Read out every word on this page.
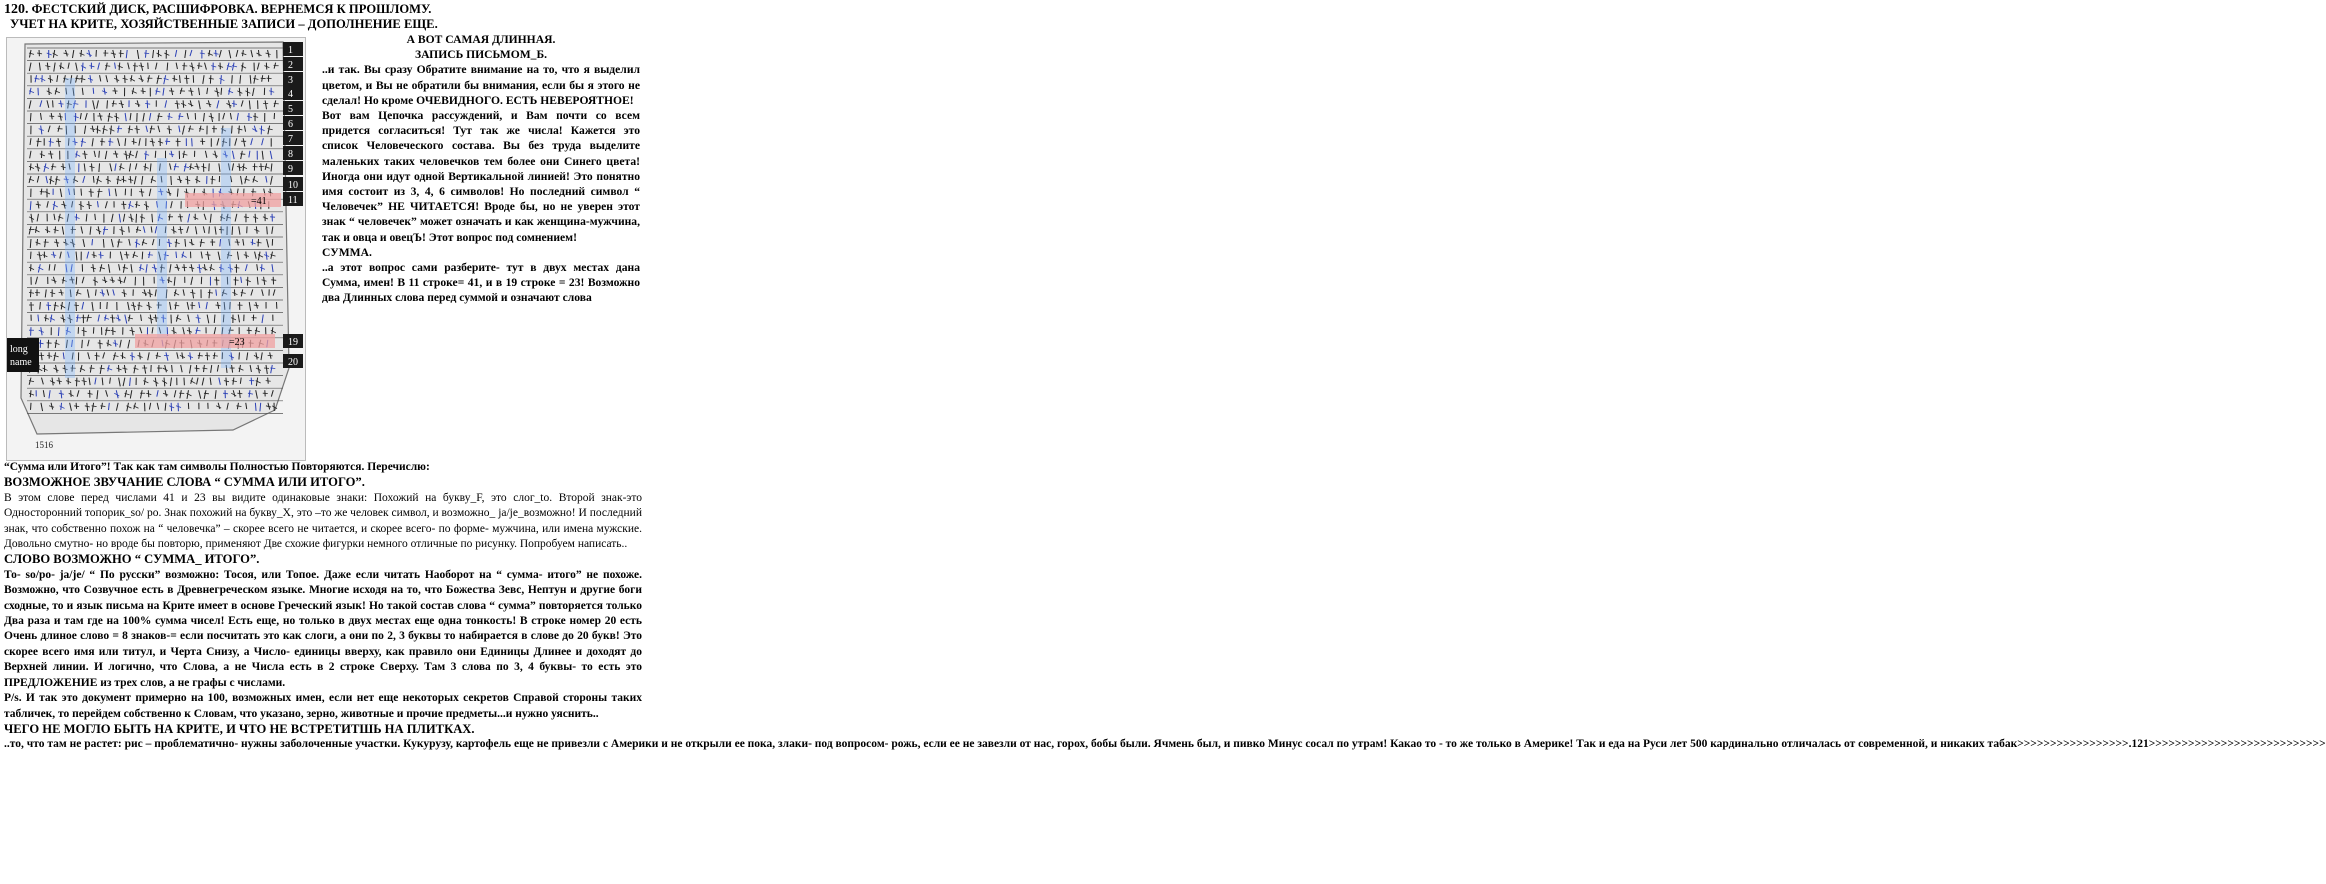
120. ФЕСТСКИЙ ДИСК, РАСШИФРОВКА. ВЕРНЕМСЯ К ПРОШЛОМУ.
УЧЕТ НА КРИТЕ, ХОЗЯЙСТВЕННЫЕ ЗАПИСИ – ДОПОЛНЕНИЕ ЕЩЕ.
=41
=23
1
2
3
4
5
6
7
8
9
10
11
19
20
long
name
1516

А ВОТ САМАЯ ДЛИННАЯ.

ЗАПИСЬ ПИСЬМОМ_Б.

..и так. Вы сразу Обратите внимание на то, что я выделил цветом, и Вы не обратили бы внимания, если бы я этого не сделал! Но кроме ОЧЕВИДНОГО. ЕСТЬ НЕВЕРОЯТНОЕ!

Вот вам Цепочка рассуждений, и Вам почти со всем придется согласиться! Тут так же числа! Кажется это список Человеческого состава. Вы без труда выделите маленьких таких человечков тем более они Синего цвета! Иногда они идут одной Вертикальной линией! Это понятно имя состоит из 3, 4, 6 символов! Но последний символ “ Человечек” НЕ ЧИТАЕТСЯ! Вроде бы, но не уверен этот знак “ человечек” может означать и как женщина-мужчина, так и овца и овецЪ! Этот вопрос под сомнением!

СУММА.

..а этот вопрос сами разберите- тут в двух местах дана Сумма, имен! В 11 строке= 41, и в 19 строке = 23! Возможно два Длинных слова перед суммой и означают слова

“Сумма или Итого”! Так как там символы Полностью Повторяются. Перечислю:

ВОЗМОЖНОЕ ЗВУЧАНИЕ СЛОВА “ СУММА ИЛИ ИТОГО”.

В этом слове перед числами 41 и 23 вы видите одинаковые знаки: Похожий на букву_F, это слог_to. Второй знак-это Односторонний топорик_so/ po. Знак похожий на букву_X, это –то же человек символ, и возможно_ ja/je_возможно! И последний знак, что собственно похож на “ человечка” – скорее всего не читается, и скорее всего- по форме- мужчина, или имена мужские. Довольно смутно- но вроде бы повторю, применяют Две схожие фигурки немного отличные по рисунку. Попробуем написать..

СЛОВО ВОЗМОЖНО “ СУММА_ ИТОГО”.

То- so/po- ja/je/ “ По русски” возможно: Тосоя, или Топое. Даже если читать Наоборот на “ сумма- итого” не похоже. Возможно, что Созвучное есть в Древнегреческом языке. Многие исходя на то, что Божества Зевс, Нептун и другие боги сходные, то и язык письма на Крите имеет в основе Греческий язык! Но такой состав слова “ сумма” повторяется только Два раза и там где на 100% сумма чисел! Есть еще, но только в двух местах еще одна тонкость! В строке номер 20 есть Очень длиное слово = 8 знаков-= если посчитать это как слоги, а они по 2, 3 буквы то набирается в слове до 20 букв! Это скорее всего имя или титул, и Черта Снизу, а Число- единицы вверху, как правило они Единицы Длинее и доходят до Верхней линии. И логично, что Слова, а не Числа есть в 2 строке Сверху. Там 3 слова по 3, 4 буквы- то есть это ПРЕДЛОЖЕНИЕ из трех слов, а не графы с числами.

P/s. И так это документ примерно на 100, возможных имен, если нет еще некоторых секретов Справой стороны таких табличек, то перейдем собственно к Словам, что указано, зерно, животные и прочие предметы...и нужно уяснить..

ЧЕГО НЕ МОГЛО БЫТЬ НА КРИТЕ, И ЧТО НЕ ВСТРЕТИТШЬ НА ПЛИТКАХ.

..то, что там не растет: рис – проблематично- нужны заболоченные участки. Кукурузу, картофель еще не привезли с Америки и не открыли ее пока, злаки- под вопросом- рожь, если ее не завезли от нас, горох, бобы были. Ячмень был, и пивко Минус сосал по утрам! Какао то - то же только в Америке! Так и еда на Руси лет 500 кардинально отличалась от современной, и никаких табак>>>>>>>>>>>>>>>>>.121>>>>>>>>>>>>>>>>>>>>>>>>>>>
